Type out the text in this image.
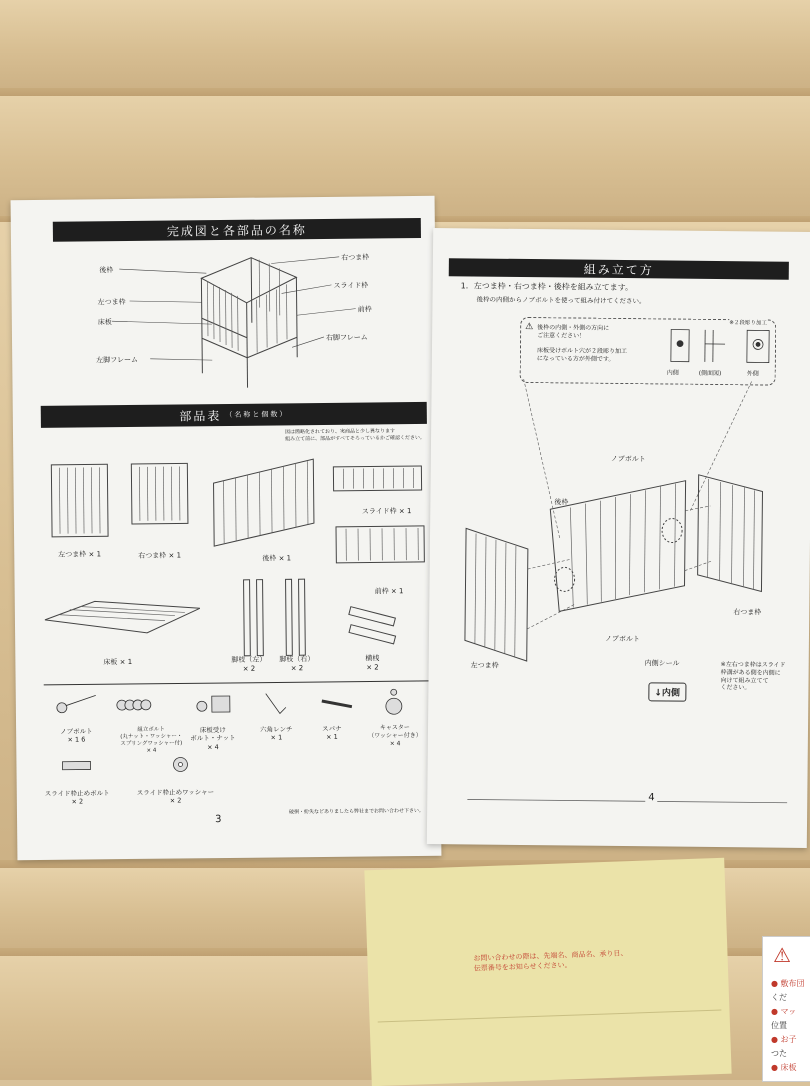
完成図と各部品の名称
後枠
左つま枠
床板
左脚フレーム
右つま枠
スライド枠
前枠
右脚フレーム
部品表 （名称と個数）
図は簡略化されており、実商品と少し異なります
組み立て前に、部品がすべてそろっているかご確認ください。
左つま枠 × 1	右つま枠 × 1	後枠 × 1
スライド枠 × 1
前枠 × 1
床板 × 1	脚枝（左）
× 2
脚枝（右）
× 2
横桟
× 2
ノブボルト
× 1 6
組立ボルト
(丸ナット・ワッシャー・
スプリングワッシャー付)
× 4
床板受け
ボルト・ナット
× 4
六角レンチ
× 1
スパナ
× 1
キャスター
（ワッシャー付き）
× 4
スライド枠止めボルト
× 2
スライド枠止めワッシャー
× 2
破損・紛失などありましたら弊社までお問い合わせ下さい。
3
組み立て方
1．左つま枠・右つま枠・後枠を組み立てます。
後枠の内側からノブボルトを使って組み付けてください。
⚠ 後枠の内側・外側の方向に
ご注意ください！

床板受けボルト穴が２段彫り加工
になっている方が外側です。
内側	(側面図)	外側
※２段彫り加工
ノブボルト
後枠
右つま枠
ノブボルト
左つま枠	内側シール
↓内側
※左右つま枠はスライド
枠溝がある側を内側に
向けて組み立てて
ください。
4
お問い合わせの際は、先端名、商品名、承り日、
伝票番号をお知らせください。	⚠
● 敷布団
くだ
● マッ
位置
● お子
つた
● 床板
